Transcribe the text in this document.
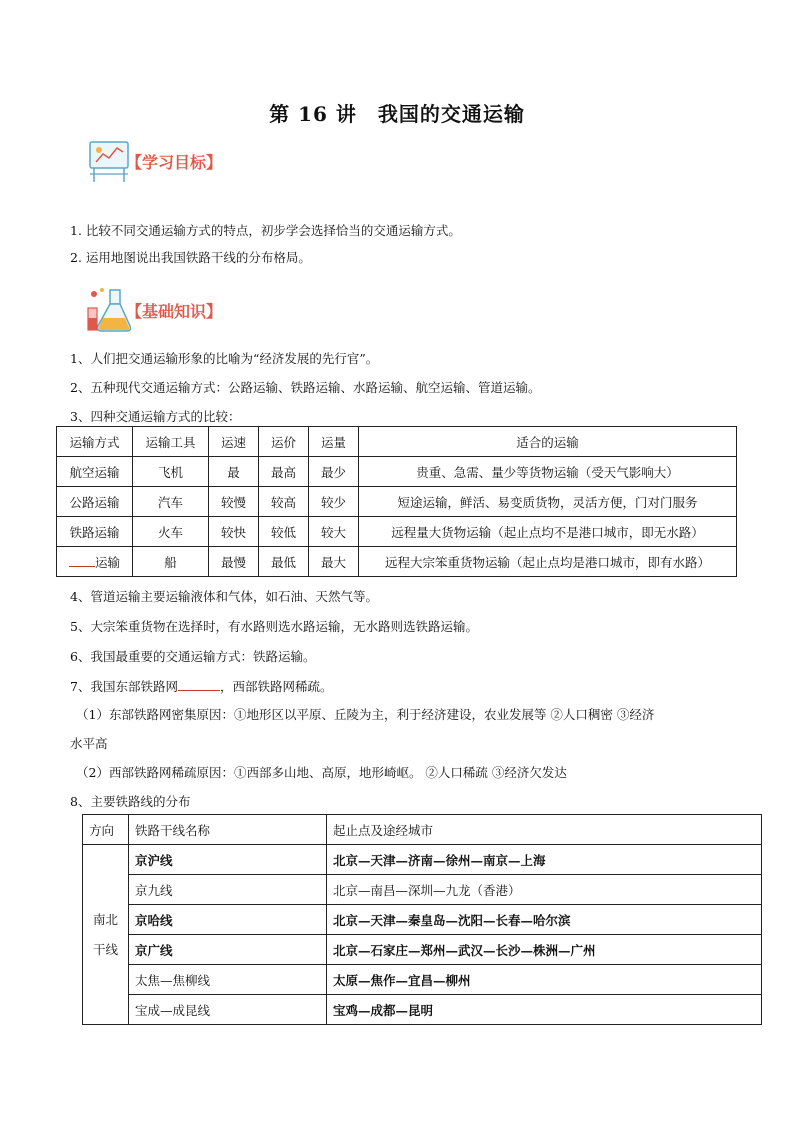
第 16 讲　我国的交通运输
【学习目标】
1. 比较不同交通运输方式的特点，初步学会选择恰当的交通运输方式。
2. 运用地图说出我国铁路干线的分布格局。
【基础知识】
1、人们把交通运输形象的比喻为“经济发展的先行官”。
2、五种现代交通运输方式：公路运输、铁路运输、水路运输、航空运输、管道运输。
3、四种交通运输方式的比较：
运输方式	运输工具	运速	运价	运量	适合的运输
航空运输	飞机	最	最高	最少	贵重、急需、量少等货物运输（受天气影响大）
公路运输	汽车	较慢	较高	较少	短途运输，鲜活、易变质货物，灵活方便，门对门服务
铁路运输	火车	较快	较低	较大	远程量大货物运输（起止点均不是港口城市，即无水路）
运输	船	最慢	最低	最大	远程大宗笨重货物运输（起止点均是港口城市，即有水路）
4、管道运输主要运输液体和气体，如石油、天然气等。
5、大宗笨重货物在选择时，有水路则选水路运输，无水路则选铁路运输。
6、我国最重要的交通运输方式：铁路运输。
7、我国东部铁路网	，西部铁路网稀疏。
（1）东部铁路网密集原因：①地形区以平原、丘陵为主，利于经济建设，农业发展等 ②人口稠密 ③经济
水平高
（2）西部铁路网稀疏原因：①西部多山地、高原，地形崎岖。 ②人口稀疏 ③经济欠发达
8、主要铁路线的分布
方向	铁路干线名称	起止点及途经城市
南北
干线	京沪线	北京—天津—济南—徐州—南京—上海
	京九线	北京—南昌—深圳—九龙（香港）
	京哈线	北京—天津—秦皇岛—沈阳—长春—哈尔滨
	京广线	北京—石家庄—郑州—武汉—长沙—株洲—广州
	太焦—焦柳线	太原—焦作—宜昌—柳州
	宝成—成昆线	宝鸡—成都—昆明
